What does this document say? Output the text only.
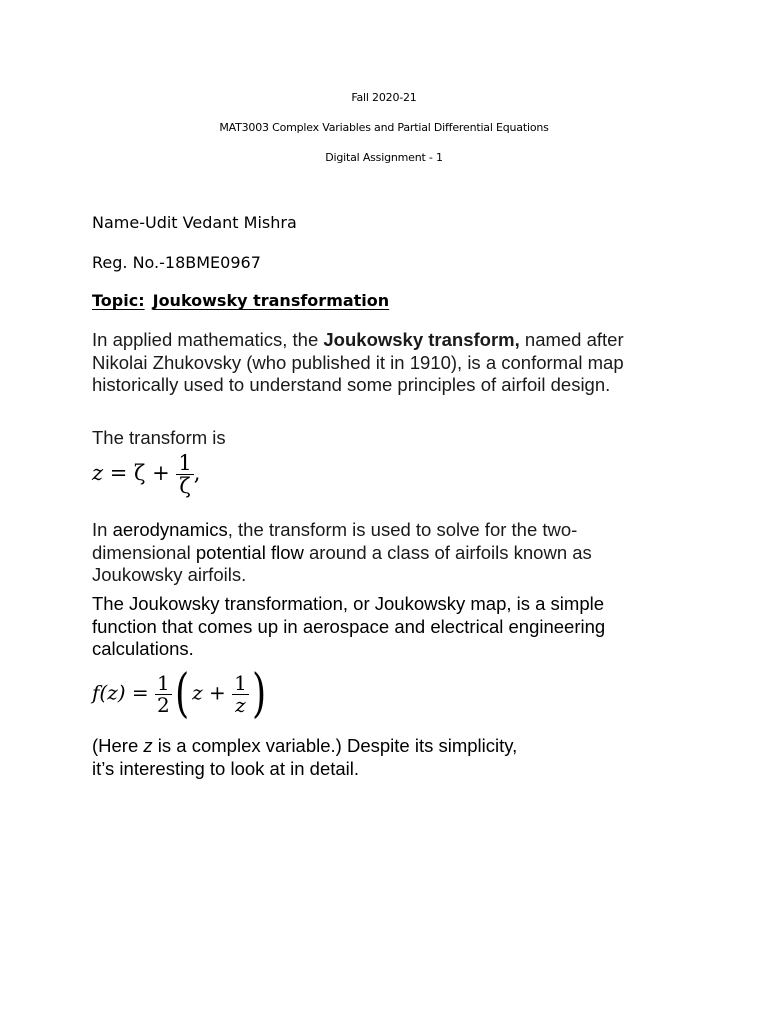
Fall 2020-21
MAT3003 Complex Variables and Partial Differential Equations
Digital Assignment - 1
Name-Udit Vedant Mishra
Reg. No.-18BME0967
Topic: Joukowsky transformation

In applied mathematics, the Joukowsky transform, named after Nikolai Zhukovsky (who published it in 1910), is a conformal map historically used to understand some principles of airfoil design.

The transform is
$z = \zeta + \frac{1}{\zeta}$ ,

In aerodynamics, the transform is used to solve for the two-dimensional potential flow around a class of airfoils known as Joukowsky airfoils.

The Joukowsky transformation, or Joukowsky map, is a simple function that comes up in aerospace and electrical engineering calculations.
$f(z) = \frac{1}{2}$ ( $z + \frac{1}{z}$ )

(Here z is a complex variable.) Despite its simplicity,
it’s interesting to look at in detail.
